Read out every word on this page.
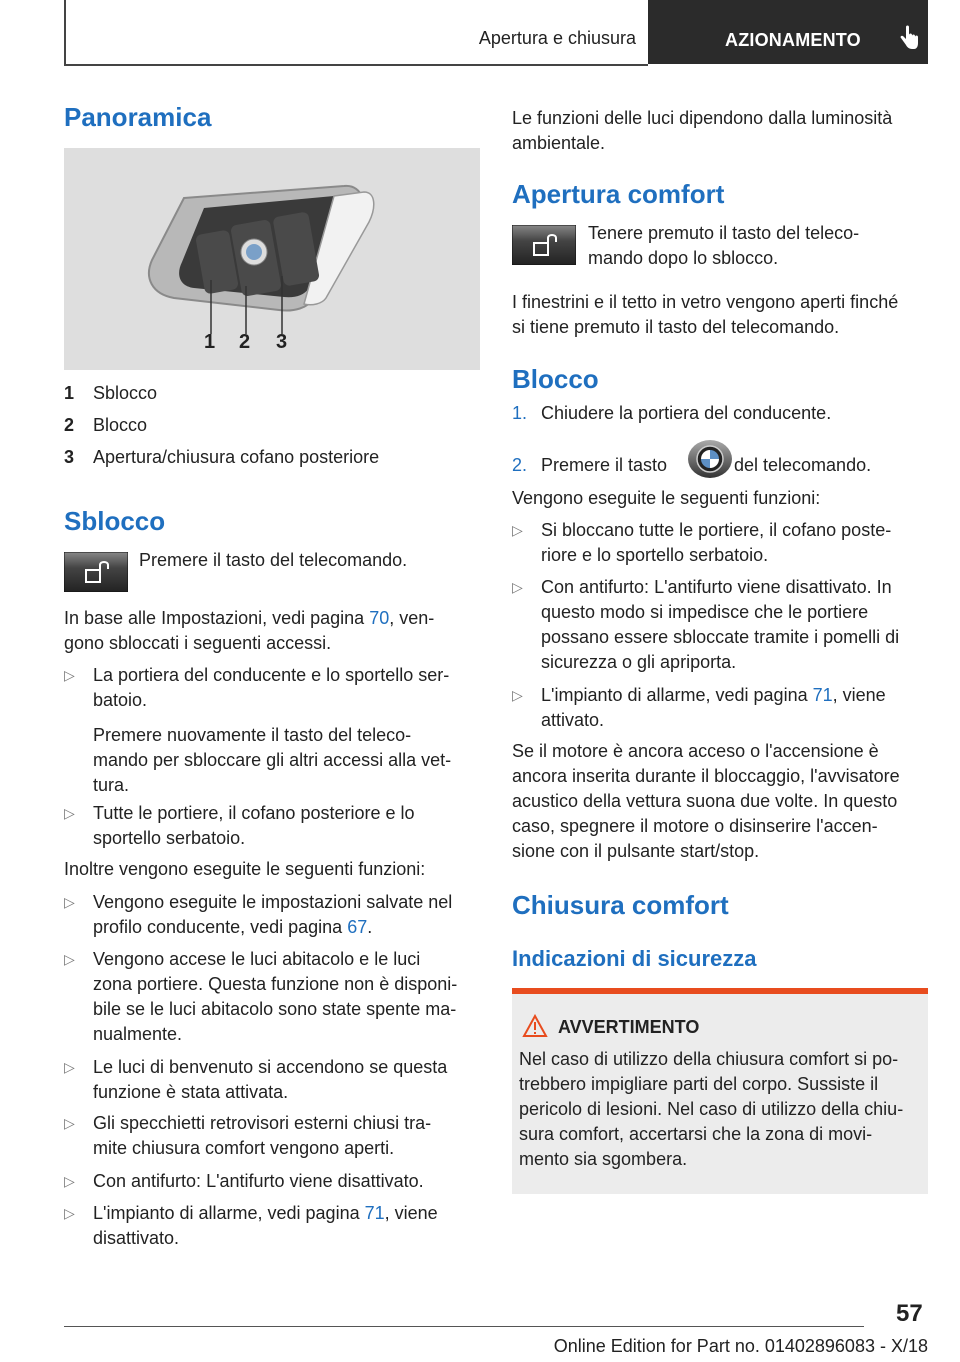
Apertura e chiusura	AZIONAMENTO
Panoramica
1 2 3
1 Sblocco
2 Blocco
3 Apertura/chiusura cofano posteriore
Sblocco
Premere il tasto del telecomando.
In base alle Impostazioni, vedi pagina 70, ven-
gono sbloccati i seguenti accessi.
▷ La portiera del conducente e lo sportello ser-
batoio.
Premere nuovamente il tasto del teleco-
mando per sbloccare gli altri accessi alla vet-
tura.
▷ Tutte le portiere, il cofano posteriore e lo
sportello serbatoio.
Inoltre vengono eseguite le seguenti funzioni:
▷ Vengono eseguite le impostazioni salvate nel
profilo conducente, vedi pagina 67.
▷ Vengono accese le luci abitacolo e le luci
zona portiere. Questa funzione non è disponi-
bile se le luci abitacolo sono state spente ma-
nualmente.
▷ Le luci di benvenuto si accendono se questa
funzione è stata attivata.
▷ Gli specchietti retrovisori esterni chiusi tra-
mite chiusura comfort vengono aperti.
▷ Con antifurto: L'antifurto viene disattivato.
▷ L'impianto di allarme, vedi pagina 71, viene
disattivato.
Le funzioni delle luci dipendono dalla luminosità
ambientale.
Apertura comfort
Tenere premuto il tasto del teleco-
mando dopo lo sblocco.
I finestrini e il tetto in vetro vengono aperti finché
si tiene premuto il tasto del telecomando.
Blocco
1. Chiudere la portiera del conducente.
2. Premere il tasto	del telecomando.
Vengono eseguite le seguenti funzioni:
▷ Si bloccano tutte le portiere, il cofano poste-
riore e lo sportello serbatoio.
▷ Con antifurto: L'antifurto viene disattivato. In
questo modo si impedisce che le portiere
possano essere sbloccate tramite i pomelli di
sicurezza o gli apriporta.
▷ L'impianto di allarme, vedi pagina 71, viene
attivato.
Se il motore è ancora acceso o l'accensione è
ancora inserita durante il bloccaggio, l'avvisatore
acustico della vettura suona due volte. In questo
caso, spegnere il motore o disinserire l'accen-
sione con il pulsante start/stop.
Chiusura comfort
Indicazioni di sicurezza
AVVERTIMENTO
Nel caso di utilizzo della chiusura comfort si po-
trebbero impigliare parti del corpo. Sussiste il
pericolo di lesioni. Nel caso di utilizzo della chiu-
sura comfort, accertarsi che la zona di movi-
mento sia sgombera.
57
Online Edition for Part no. 01402896083 - X/18
